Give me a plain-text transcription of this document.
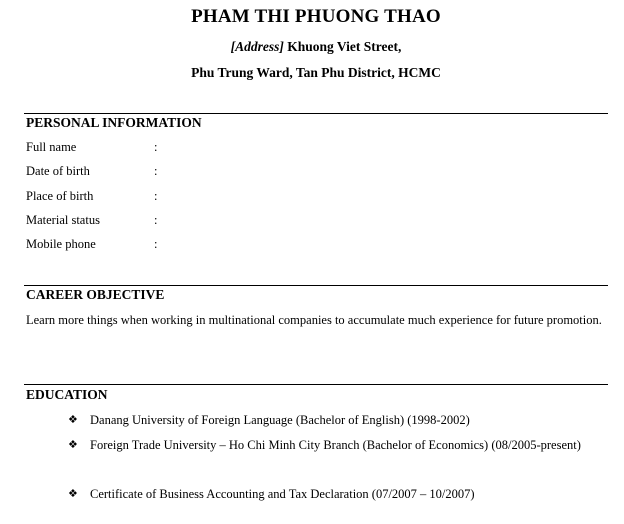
PHAM THI PHUONG THAO
[Address] Khuong Viet Street,
Phu Trung Ward, Tan Phu District, HCMC
PERSONAL INFORMATION
Full name	:
Date of birth	:
Place of birth	:
Material status	:
Mobile phone	:
CAREER OBJECTIVE
Learn more things when working in multinational companies to accumulate much experience for future promotion.
EDUCATION
❖ Danang University of Foreign Language (Bachelor of English) (1998-2002)
❖ Foreign Trade University – Ho Chi Minh City Branch (Bachelor of Economics) (08/2005-present)
❖ Certificate of Business Accounting and Tax Declaration (07/2007 – 10/2007)
